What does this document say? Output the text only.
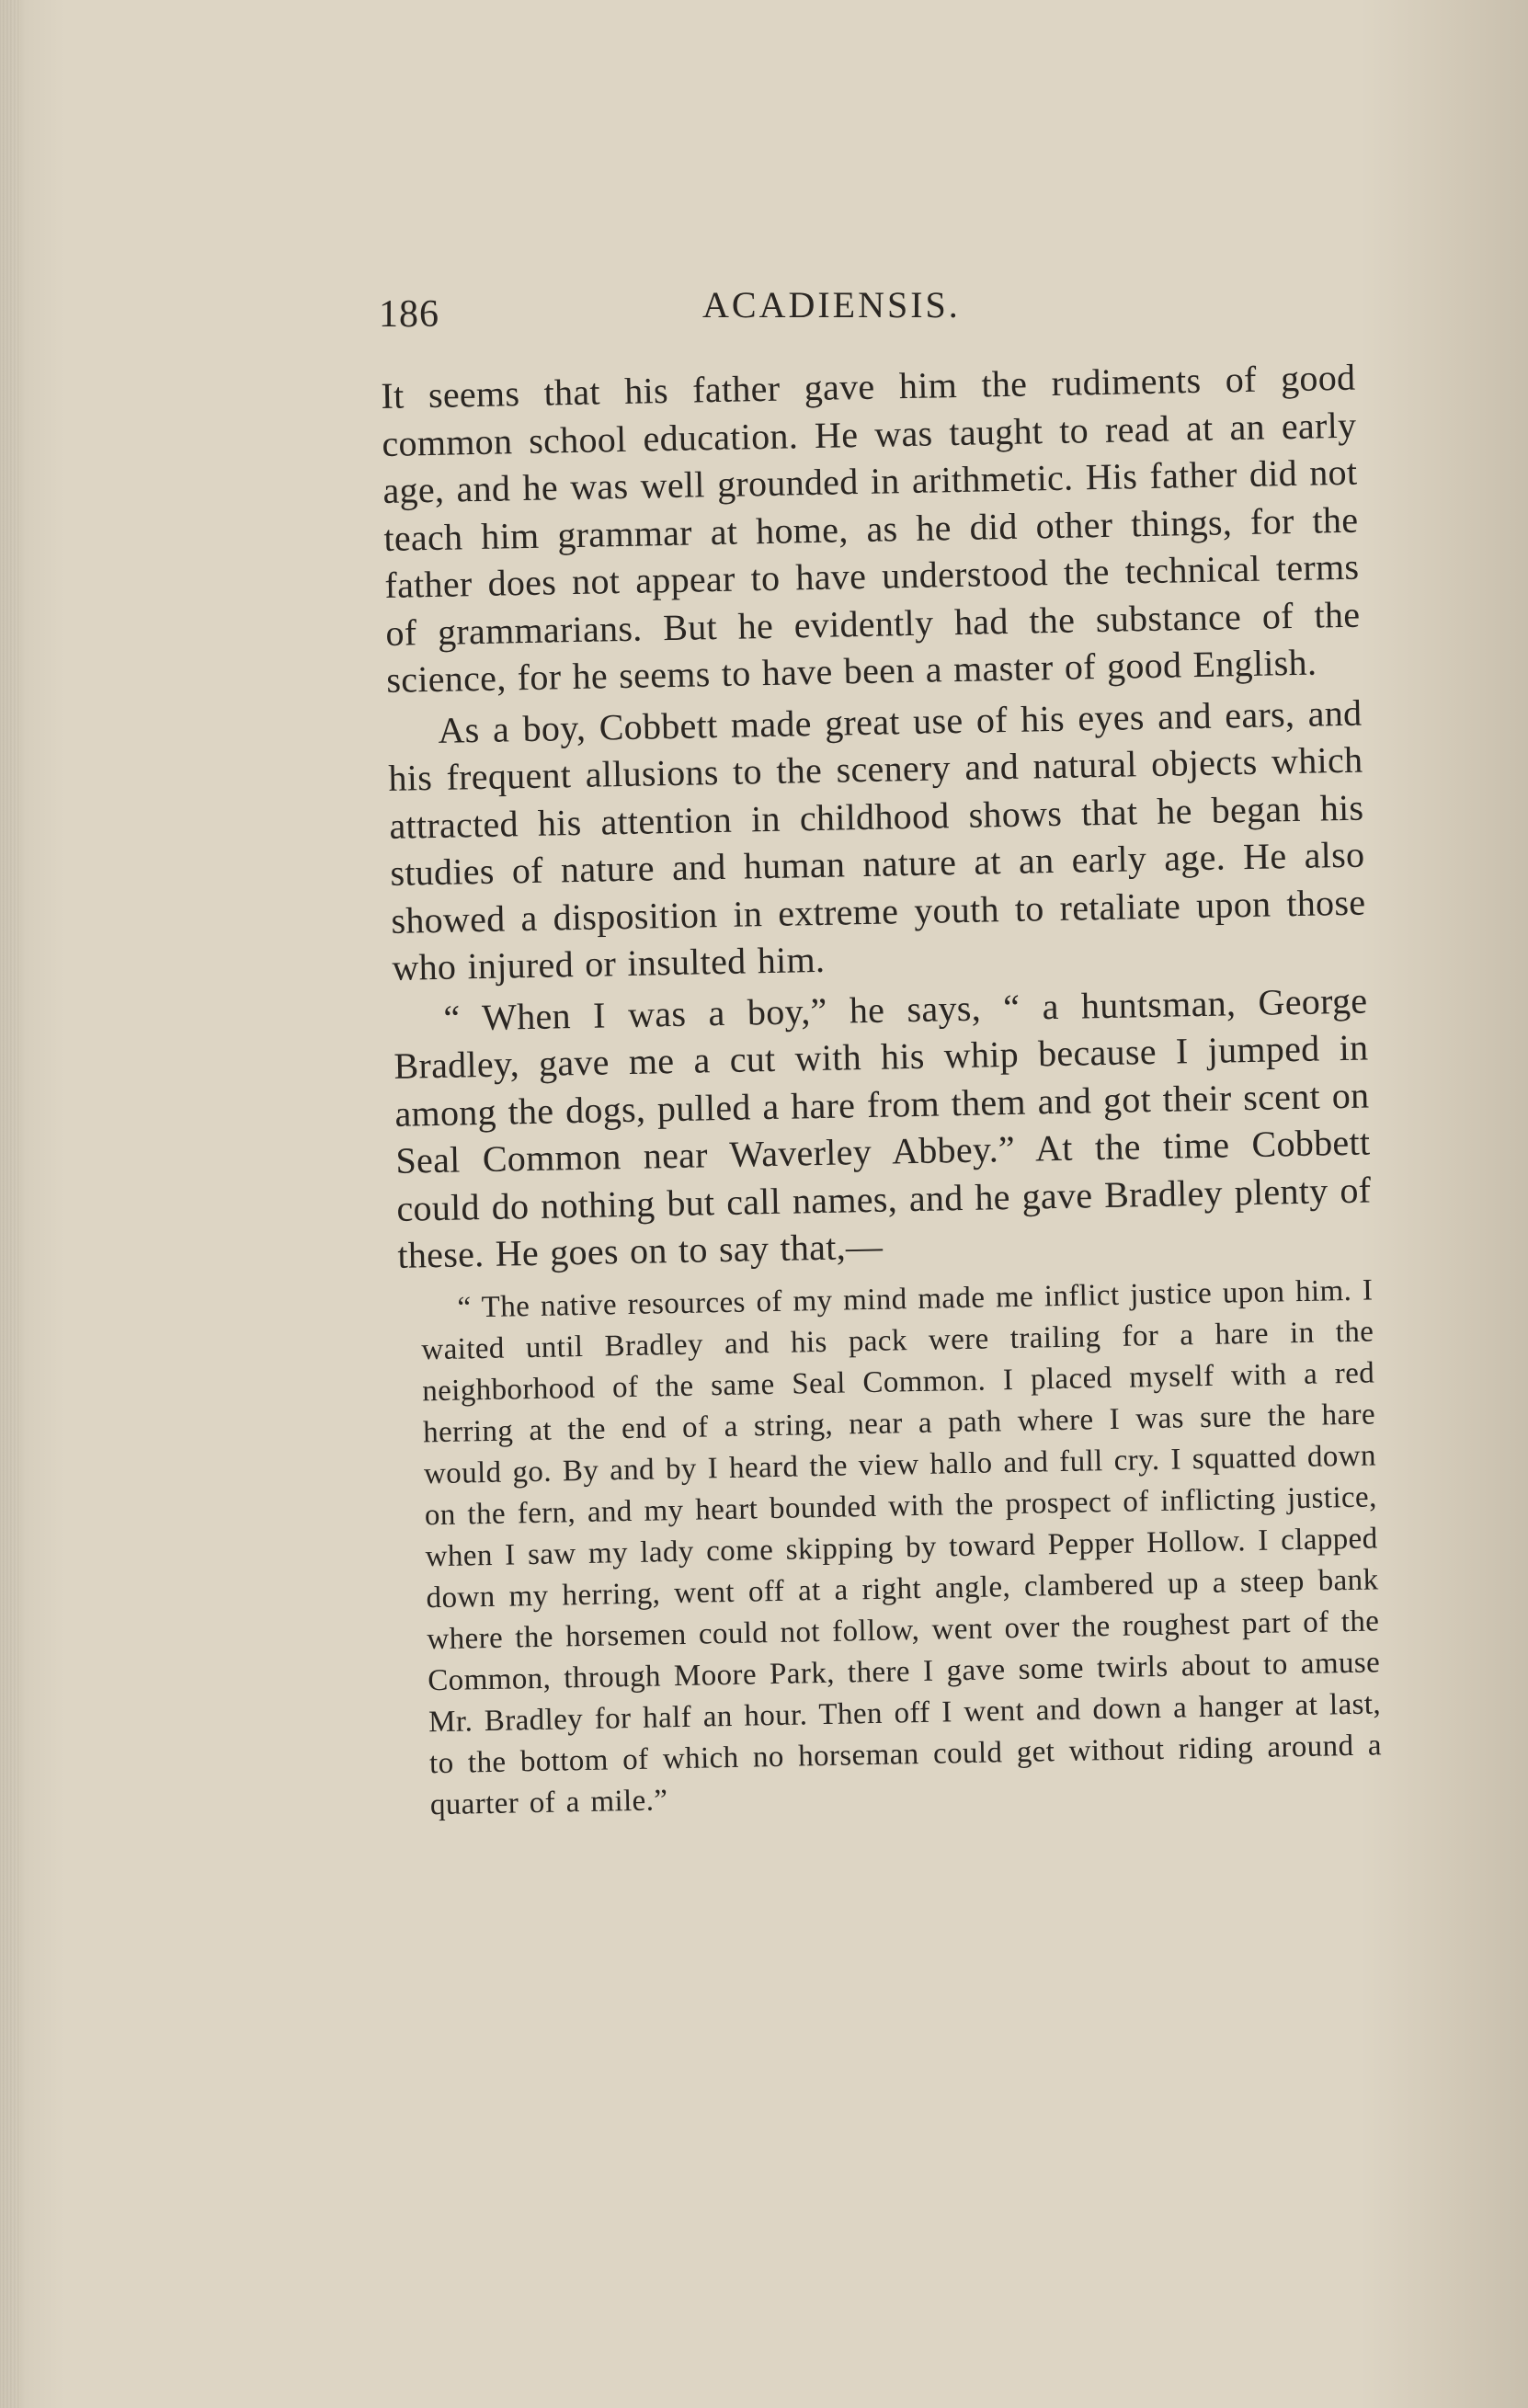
186	ACADIENSIS.

It seems that his father gave him the rudiments of good common school education. He was taught to read at an early age, and he was well grounded in arithmetic. His father did not teach him grammar at home, as he did other things, for the father does not appear to have understood the technical terms of grammarians. But he evidently had the substance of the science, for he seems to have been a master of good English.

As a boy, Cobbett made great use of his eyes and ears, and his frequent allusions to the scenery and natural objects which attracted his attention in childhood shows that he began his studies of nature and human nature at an early age. He also showed a disposition in extreme youth to retaliate upon those who injured or insulted him.

“ When I was a boy,” he says, “ a huntsman, George Bradley, gave me a cut with his whip because I jumped in among the dogs, pulled a hare from them and got their scent on Seal Common near Waverley Abbey.” At the time Cobbett could do nothing but call names, and he gave Bradley plenty of these. He goes on to say that,—

“ The native resources of my mind made me inflict justice upon him. I waited until Bradley and his pack were trailing for a hare in the neighborhood of the same Seal Common. I placed myself with a red herring at the end of a string, near a path where I was sure the hare would go. By and by I heard the view hallo and full cry. I squatted down on the fern, and my heart bounded with the prospect of inflicting justice, when I saw my lady come skipping by toward Pepper Hollow. I clapped down my herring, went off at a right angle, clambered up a steep bank where the horsemen could not follow, went over the roughest part of the Common, through Moore Park, there I gave some twirls about to amuse Mr. Bradley for half an hour. Then off I went and down a hanger at last, to the bottom of which no horseman could get without riding around a quarter of a mile.”
